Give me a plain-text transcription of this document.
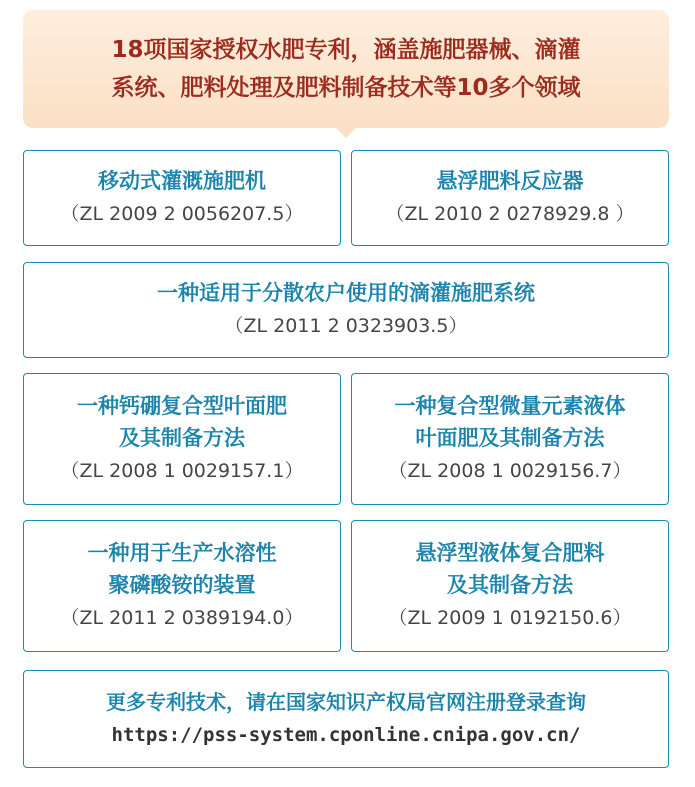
18项国家授权水肥专利，涵盖施肥器械、滴灌
系统、肥料处理及肥料制备技术等10多个领域
移动式灌溉施肥机
（ZL 2009 2 0056207.5）
悬浮肥料反应器
（ZL 2010 2 0278929.8 ）
一种适用于分散农户使用的滴灌施肥系统
（ZL 2011 2 0323903.5）
一种钙硼复合型叶面肥
及其制备方法
（ZL 2008 1 0029157.1）
一种复合型微量元素液体
叶面肥及其制备方法
（ZL 2008 1 0029156.7）
一种用于生产水溶性
聚磷酸铵的装置
（ZL 2011 2 0389194.0）
悬浮型液体复合肥料
及其制备方法
（ZL 2009 1 0192150.6）
更多专利技术，请在国家知识产权局官网注册登录查询
https://pss-system.cponline.cnipa.gov.cn/
